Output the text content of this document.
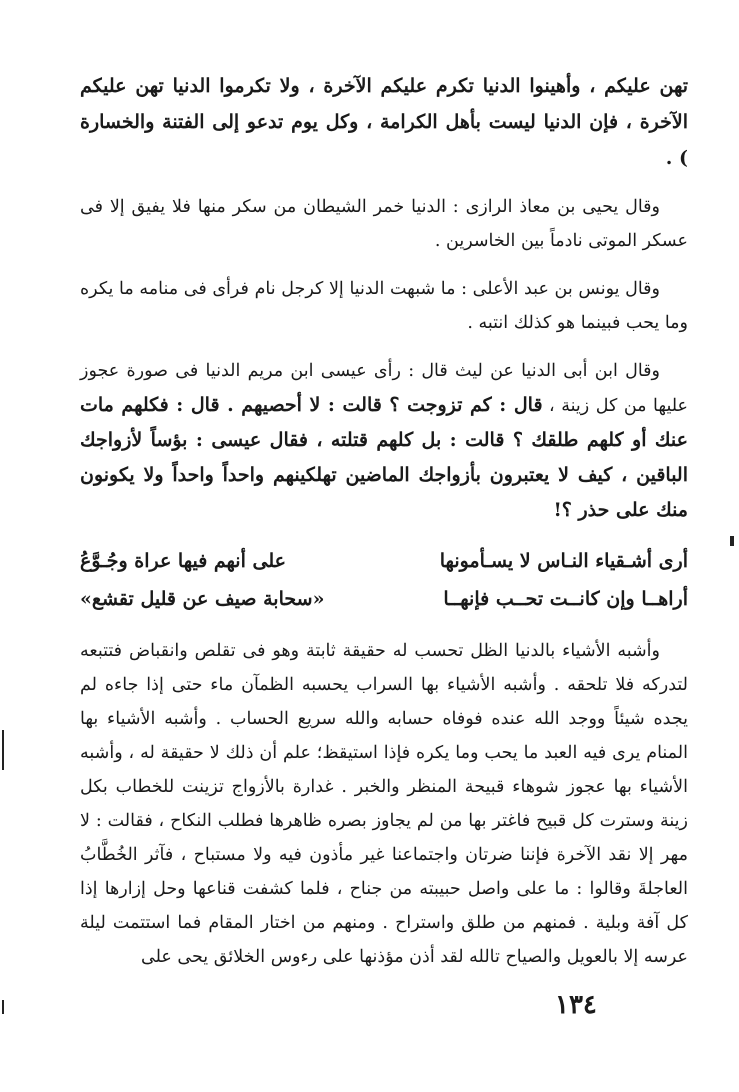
تهن عليكم ، وأهينوا الدنيا تكرم عليكم الآخرة ، ولا تكرموا الدنيا تهن عليكم الآخرة ، فإن الدنيا ليست بأهل الكرامة ، وكل يوم تدعو إلى الفتنة والخسارة ) .

وقال يحيى بن معاذ الرازى : الدنيا خمر الشيطان من سكر منها فلا يفيق إلا فى عسكر الموتى نادماً بين الخاسرين .

وقال يونس بن عبد الأعلى : ما شبهت الدنيا إلا كرجل نام فرأى فى منامه ما يكره وما يحب فبينما هو كذلك انتبه .

وقال ابن أبى الدنيا عن ليث قال : رأى عيسى ابن مريم الدنيا فى صورة عجوز عليها من كل زينة ، قال : كم تزوجت ؟ قالت : لا أحصيهم . قال : فكلهم مات عنك أو كلهم طلقك ؟ قالت : بل كلهم قتلته ، فقال عيسى : بؤساً لأزواجك الباقين ، كيف لا يعتبرون بأزواجك الماضين تهلكينهم واحداً واحداً ولا يكونون منك على حذر ؟!

أرى أشـقياء النـاس لا يسـأمونها
على أنهم فيها عراة وجُـوَّعُ
أراهــا وإن كانــت تحــب فإنهــا
«سحابة صيف عن قليل تقشع»

وأشبه الأشياء بالدنيا الظل تحسب له حقيقة ثابتة وهو فى تقلص وانقباض فتتبعه لتدركه فلا تلحقه . وأشبه الأشياء بها السراب يحسبه الظمآن ماء حتى إذا جاءه لم يجده شيئاً ووجد الله عنده فوفاه حسابه والله سريع الحساب . وأشبه الأشياء بها المنام يرى فيه العبد ما يحب وما يكره فإذا استيقظ؛ علم أن ذلك لا حقيقة له ، وأشبه الأشياء بها عجوز شوهاء قبيحة المنظر والخبر . غدارة بالأزواج تزينت للخطاب بكل زينة وسترت كل قبيح فاغتر بها من لم يجاوز بصره ظاهرها فطلب النكاح ، فقالت : لا مهر إلا نقد الآخرة فإننا ضرتان واجتماعنا غير مأذون فيه ولا مستباح ، فآثر الخُطَّابُ العاجلةَ وقالوا : ما على واصل حبيبته من جناح ، فلما كشفت قناعها وحل إزارها إذا كل آفة وبلية . فمنهم من طلق واستراح . ومنهم من اختار المقام فما استتمت ليلة عرسه إلا بالعويل والصياح تالله لقد أذن مؤذنها على رءوس الخلائق يحى على

١٣٤
